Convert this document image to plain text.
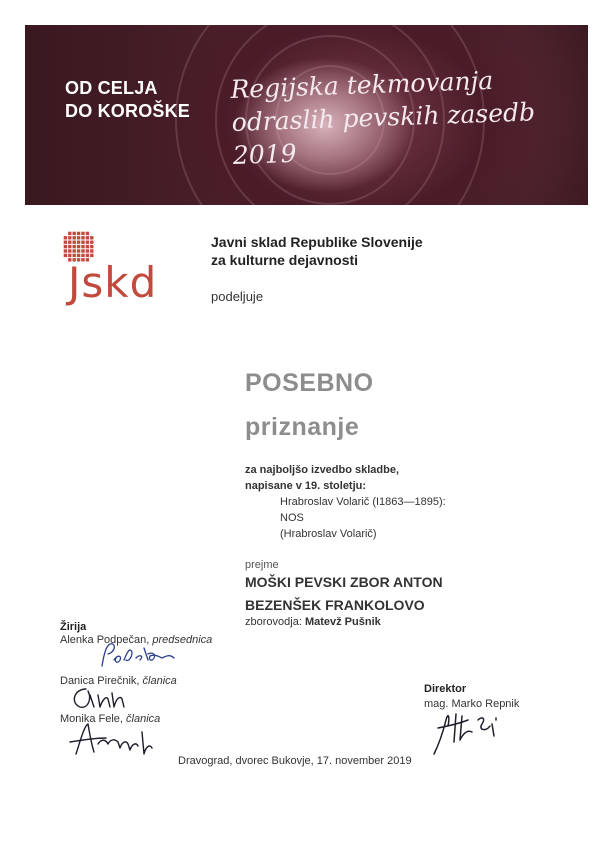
OD CELJA
DO KOROŠKE
Regijska tekmovanja
odraslih pevskih zasedb
2019
Jskd
Javni sklad Republike Slovenije
za kulturne dejavnosti
podeljuje
POSEBNO
priznanje
za najboljšo izvedbo skladbe,
napisane v 19. stoletju:
Hrabroslav Volarič (I1863—1895):
NOS
(Hrabroslav Volarič)
prejme
MOŠKI PEVSKI ZBOR ANTON
BEZENŠEK FRANKOLOVO
zborovodja: Matevž Pušnik
Žirija
Alenka Podpečan, predsednica
Danica Pirečnik, članica
Monika Fele, članica
Direktor
mag. Marko Repnik
Dravograd, dvorec Bukovje, 17. november 2019
